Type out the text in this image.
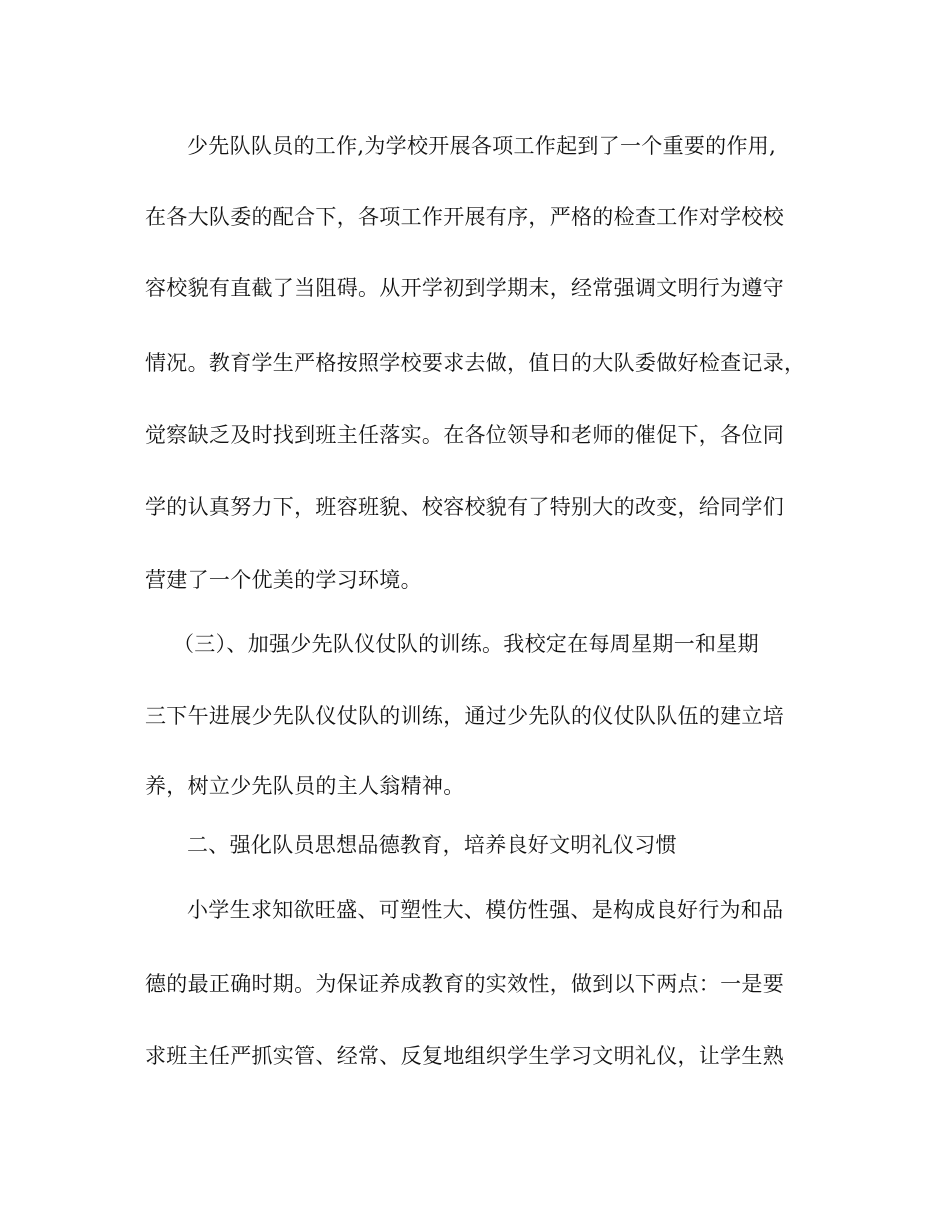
少先队队员的工作,为学校开展各项工作起到了一个重要的作用,
在各大队委的配合下，各项工作开展有序，严格的检查工作对学校校
容校貌有直截了当阻碍。从开学初到学期末，经常强调文明行为遵守
情况。教育学生严格按照学校要求去做，值日的大队委做好检查记录，
觉察缺乏及时找到班主任落实。在各位领导和老师的催促下，各位同
学的认真努力下，班容班貌、校容校貌有了特别大的改变，给同学们
营建了一个优美的学习环境。
（三）、加强少先队仪仗队的训练。我校定在每周星期一和星期
三下午进展少先队仪仗队的训练，通过少先队的仪仗队队伍的建立培
养，树立少先队员的主人翁精神。
二、强化队员思想品德教育，培养良好文明礼仪习惯
小学生求知欲旺盛、可塑性大、模仿性强、是构成良好行为和品
德的最正确时期。为保证养成教育的实效性，做到以下两点：一是要
求班主任严抓实管、经常、反复地组织学生学习文明礼仪，让学生熟
